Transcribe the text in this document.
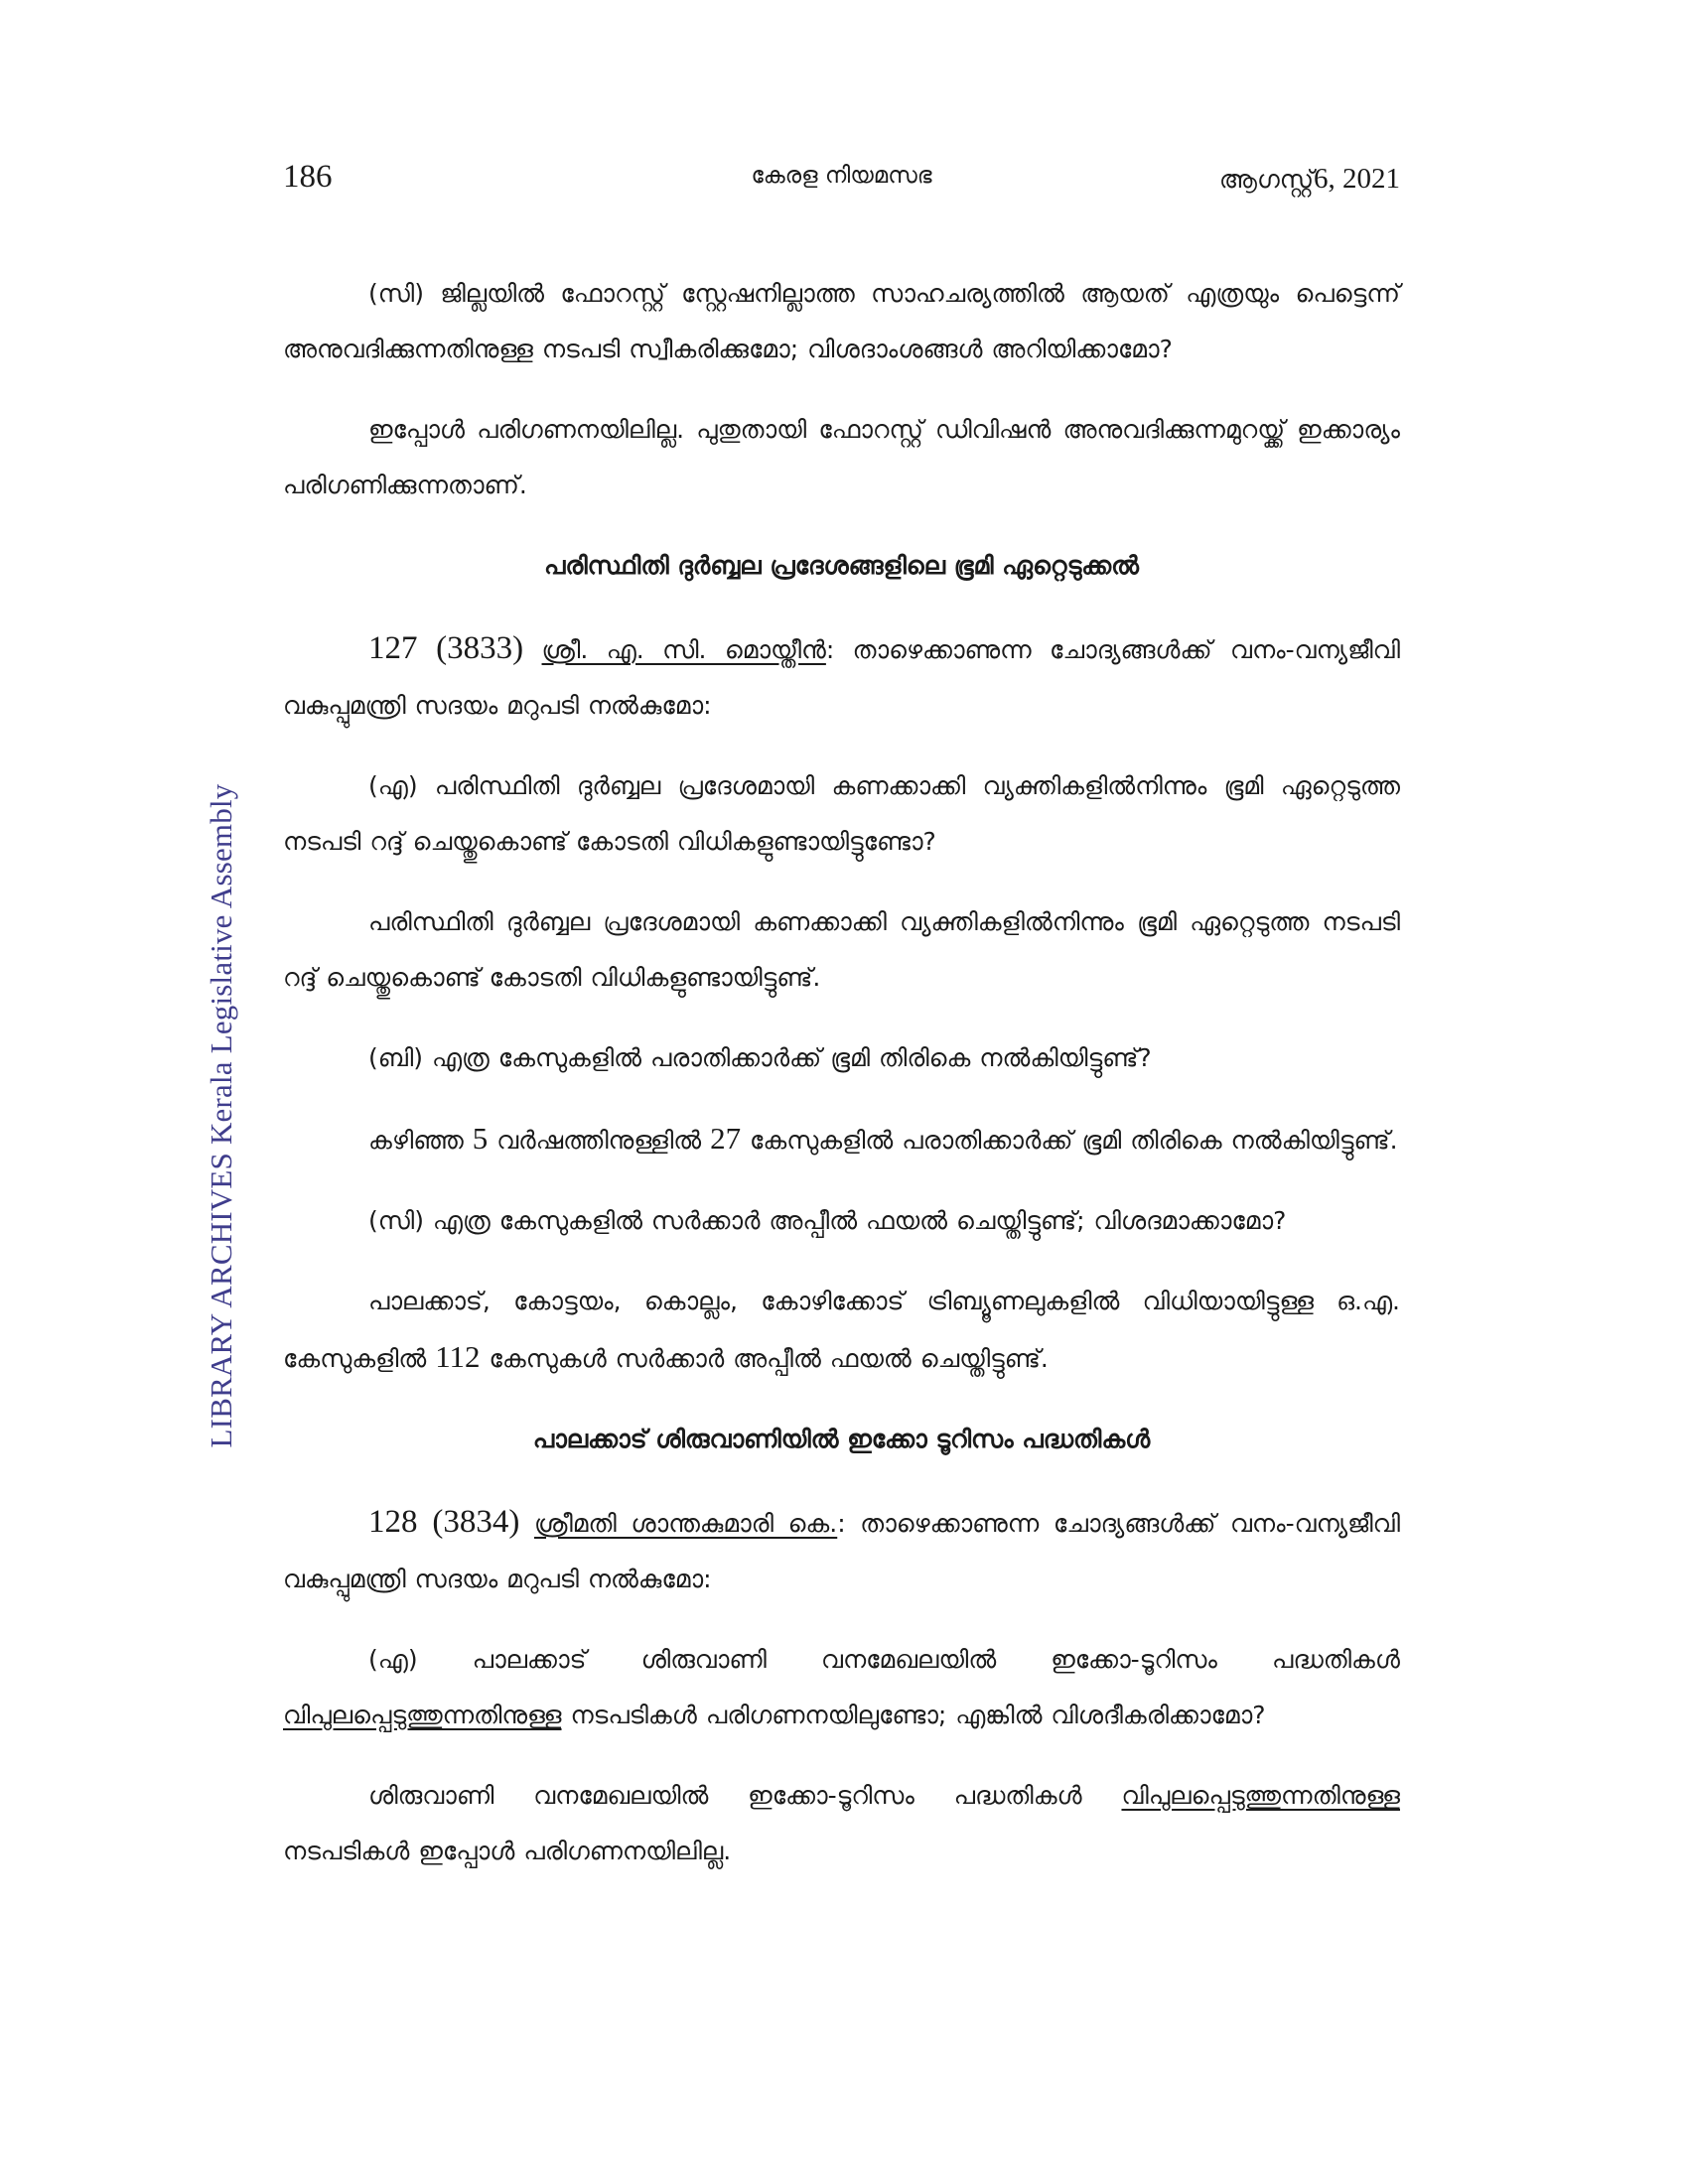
186	കേരള നിയമസഭ	ആഗസ്റ്റ്6, 2021
LIBRARY ARCHIVES Kerala Legislative Assembly

(സി) ജില്ലയിൽ ഫോറസ്റ്റ് സ്റ്റേഷനില്ലാത്ത സാഹചര്യത്തിൽ ആയത് എത്രയും പെട്ടെന്ന് അനുവദിക്കുന്നതിനുള്ള നടപടി സ്വീകരിക്കുമോ; വിശദാംശങ്ങൾ അറിയിക്കാമോ?

ഇപ്പോൾ പരിഗണനയിലില്ല. പുതുതായി ഫോറസ്റ്റ് ഡിവിഷൻ അനുവദിക്കുന്നമുറയ്ക്ക് ഇക്കാര്യം പരിഗണിക്കുന്നതാണ്.

പരിസ്ഥിതി ദുർബ്ബല പ്രദേശങ്ങളിലെ ഭൂമി ഏറ്റെടുക്കൽ

127 (3833) ശ്രീ. എ. സി. മൊയ്തീൻ: താഴെക്കാണുന്ന ചോദ്യങ്ങൾക്ക് വനം-വന്യജീവി വകുപ്പുമന്ത്രി സദയം മറുപടി നൽകുമോ:

(എ) പരിസ്ഥിതി ദുർബ്ബല പ്രദേശമായി കണക്കാക്കി വ്യക്തികളിൽനിന്നും ഭൂമി ഏറ്റെടുത്ത നടപടി റദ്ദ് ചെയ്തുകൊണ്ട് കോടതി വിധികളുണ്ടായിട്ടുണ്ടോ?

പരിസ്ഥിതി ദുർബ്ബല പ്രദേശമായി കണക്കാക്കി വ്യക്തികളിൽനിന്നും ഭൂമി ഏറ്റെടുത്ത നടപടി റദ്ദ് ചെയ്തുകൊണ്ട് കോടതി വിധികളുണ്ടായിട്ടുണ്ട്.

(ബി) എത്ര കേസുകളിൽ പരാതിക്കാർക്ക് ഭൂമി തിരികെ നൽകിയിട്ടുണ്ട്?

കഴിഞ്ഞ 5 വർഷത്തിനുള്ളിൽ 27 കേസുകളിൽ പരാതിക്കാർക്ക് ഭൂമി തിരികെ നൽകിയിട്ടുണ്ട്.

(സി) എത്ര കേസുകളിൽ സർക്കാർ അപ്പീൽ ഫയൽ ചെയ്തിട്ടുണ്ട്; വിശദമാക്കാമോ?

പാലക്കാട്, കോട്ടയം, കൊല്ലം, കോഴിക്കോട് ട്രിബ്യൂണലുകളിൽ വിധിയായിട്ടുള്ള ഒ.എ. കേസുകളിൽ 112 കേസുകൾ സർക്കാർ അപ്പീൽ ഫയൽ ചെയ്തിട്ടുണ്ട്.

പാലക്കാട് ശിരുവാണിയിൽ ഇക്കോ ടൂറിസം പദ്ധതികൾ

128 (3834) ശ്രീമതി ശാന്തകുമാരി കെ.: താഴെക്കാണുന്ന ചോദ്യങ്ങൾക്ക് വനം-വന്യജീവി വകുപ്പുമന്ത്രി സദയം മറുപടി നൽകുമോ:

(എ) പാലക്കാട് ശിരുവാണി വനമേഖലയിൽ ഇക്കോ-ടൂറിസം പദ്ധതികൾ വിപുലപ്പെടുത്തുന്നതിനുള്ള നടപടികൾ പരിഗണനയിലുണ്ടോ; എങ്കിൽ വിശദീകരിക്കാമോ?

ശിരുവാണി വനമേഖലയിൽ ഇക്കോ-ടൂറിസം പദ്ധതികൾ വിപുലപ്പെടുത്തുന്നതിനുള്ള നടപടികൾ ഇപ്പോൾ പരിഗണനയിലില്ല.
